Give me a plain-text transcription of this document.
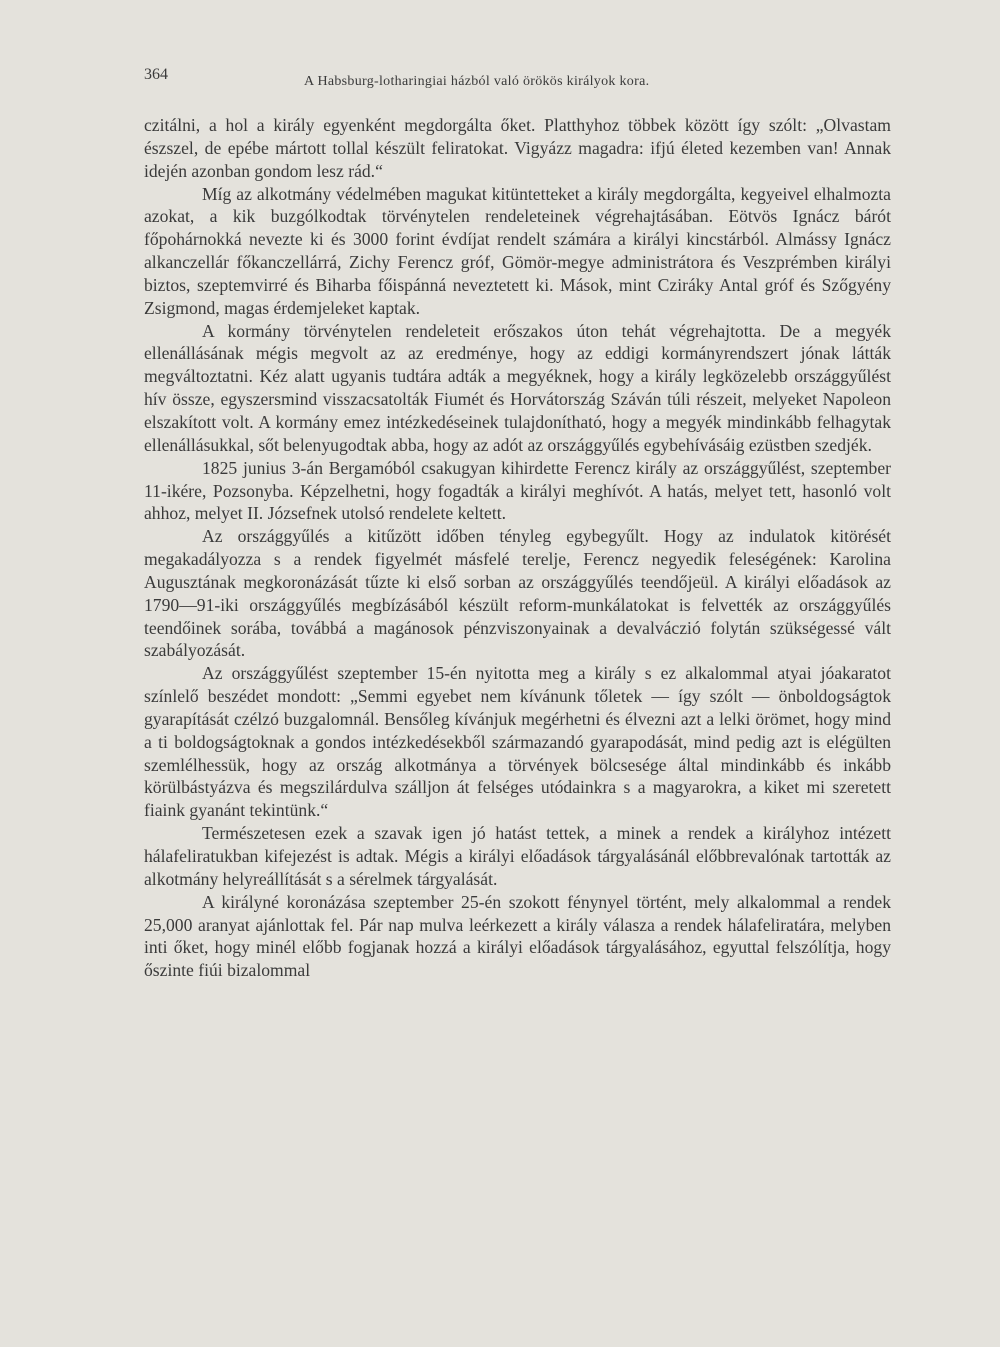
364	A Habsburg-lotharingiai házból való örökös királyok kora.

czitálni, a hol a király egyenként megdorgálta őket. Platthyhoz többek között így szólt: „Olvastam észszel, de epébe mártott tollal készült feliratokat. Vigyázz magadra: ifjú életed kezemben van! Annak idején azonban gondom lesz rád.“

Míg az alkotmány védelmében magukat kitüntetteket a király megdorgálta, kegyeivel elhalmozta azokat, a kik buzgólkodtak törvénytelen rendeleteinek végrehajtásában. Eötvös Ignácz bárót főpohárnokká nevezte ki és 3000 forint évdíjat rendelt számára a királyi kincstárból. Almássy Ignácz alkanczellár főkanczellárrá, Zichy Ferencz gróf, Gömör-megye administrátora és Veszprémben királyi biztos, szeptemvirré és Biharba főispánná neveztetett ki. Mások, mint Cziráky Antal gróf és Szőgyény Zsigmond, magas érdemjeleket kaptak.

A kormány törvénytelen rendeleteit erőszakos úton tehát végrehajtotta. De a megyék ellenállásának mégis megvolt az az eredménye, hogy az eddigi kormányrendszert jónak látták megváltoztatni. Kéz alatt ugyanis tudtára adták a megyéknek, hogy a király legközelebb országgyűlést hív össze, egyszersmind visszacsatolták Fiumét és Horvátország Száván túli részeit, melyeket Napoleon elszakított volt. A kormány emez intézkedéseinek tulajdonítható, hogy a megyék mindinkább felhagytak ellenállásukkal, sőt belenyugodtak abba, hogy az adót az országgyűlés egybehívásáig ezüstben szedjék.

1825 junius 3-án Bergamóból csakugyan kihirdette Ferencz király az országgyűlést, szeptember 11-ikére, Pozsonyba. Képzelhetni, hogy fogadták a királyi meghívót. A hatás, melyet tett, hasonló volt ahhoz, melyet II. Józsefnek utolsó rendelete keltett.

Az országgyűlés a kitűzött időben tényleg egybegyűlt. Hogy az indulatok kitörését megakadályozza s a rendek figyelmét másfelé terelje, Ferencz negyedik feleségének: Karolina Augusztának megkoronázását tűzte ki első sorban az országgyűlés teendőjeül. A királyi előadások az 1790—91-iki országgyűlés megbízásából készült reform-munkálatokat is felvették az országgyűlés teendőinek sorába, továbbá a magánosok pénzviszonyainak a devalváczió folytán szükségessé vált szabályozását.

Az országgyűlést szeptember 15-én nyitotta meg a király s ez alkalommal atyai jóakaratot színlelő beszédet mondott: „Semmi egyebet nem kívánunk tőletek — így szólt — önboldogságtok gyarapítását czélzó buzgalomnál. Bensőleg kívánjuk megérhetni és élvezni azt a lelki örömet, hogy mind a ti boldogságtoknak a gondos intézkedésekből származandó gyarapodását, mind pedig azt is elégülten szemlélhessük, hogy az ország alkotmánya a törvények bölcsesége által mindinkább és inkább körülbástyázva és megszilárdulva szálljon át felséges utódainkra s a magyarokra, a kiket mi szeretett fiaink gyanánt tekintünk.“

Természetesen ezek a szavak igen jó hatást tettek, a minek a rendek a királyhoz intézett hálafeliratukban kifejezést is adtak. Mégis a királyi előadások tárgyalásánál előbbrevalónak tartották az alkotmány helyreállítását s a sérelmek tárgyalását.

A királyné koronázása szeptember 25-én szokott fénynyel történt, mely alkalommal a rendek 25,000 aranyat ajánlottak fel. Pár nap mulva leérkezett a király válasza a rendek hálafeliratára, melyben inti őket, hogy minél előbb fogjanak hozzá a királyi előadások tárgyalásához, egyuttal felszólítja, hogy őszinte fiúi bizalommal
